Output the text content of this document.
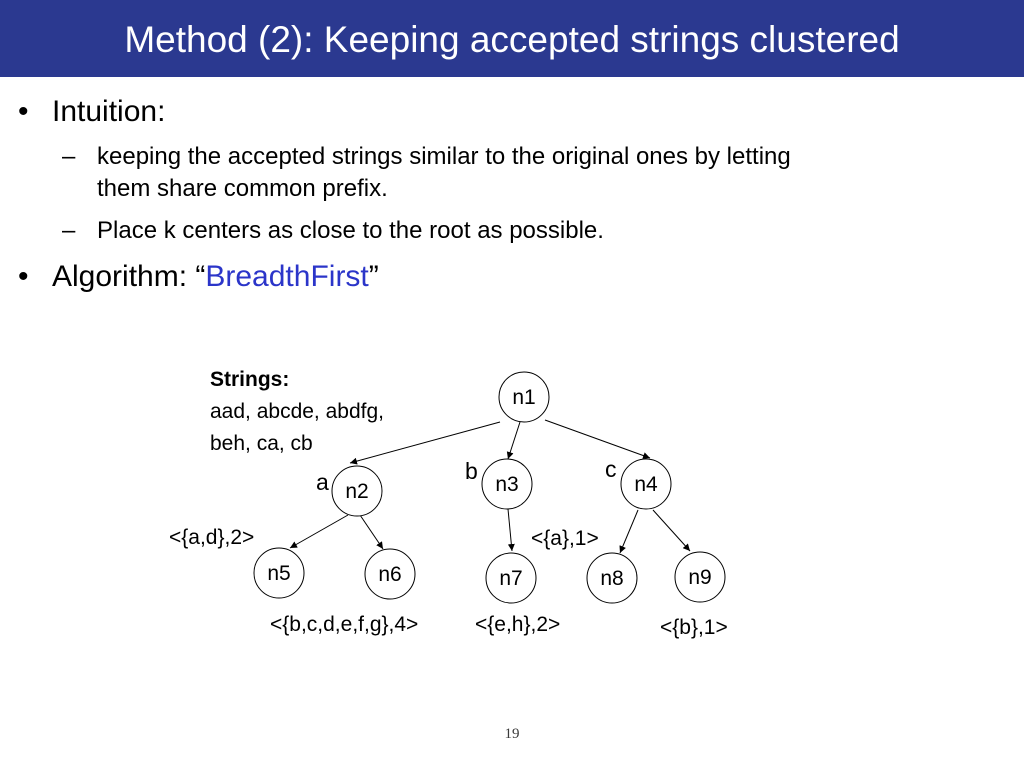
Method (2): Keeping accepted strings clustered
• Intuition:
– keeping the accepted strings similar to the original ones by letting
them share common prefix.
– Place k centers as close to the root as possible.
• Algorithm: “BreadthFirst”
Strings:
aad, abcde, abdfg,
beh, ca, cb
n1
n2	n3	n4
n5	n6	n7	n8	n9
a	b	c
<{a,d},2>	<{a},1>
<{b,c,d,e,f,g},4>	<{e,h},2>	<{b},1>
19
